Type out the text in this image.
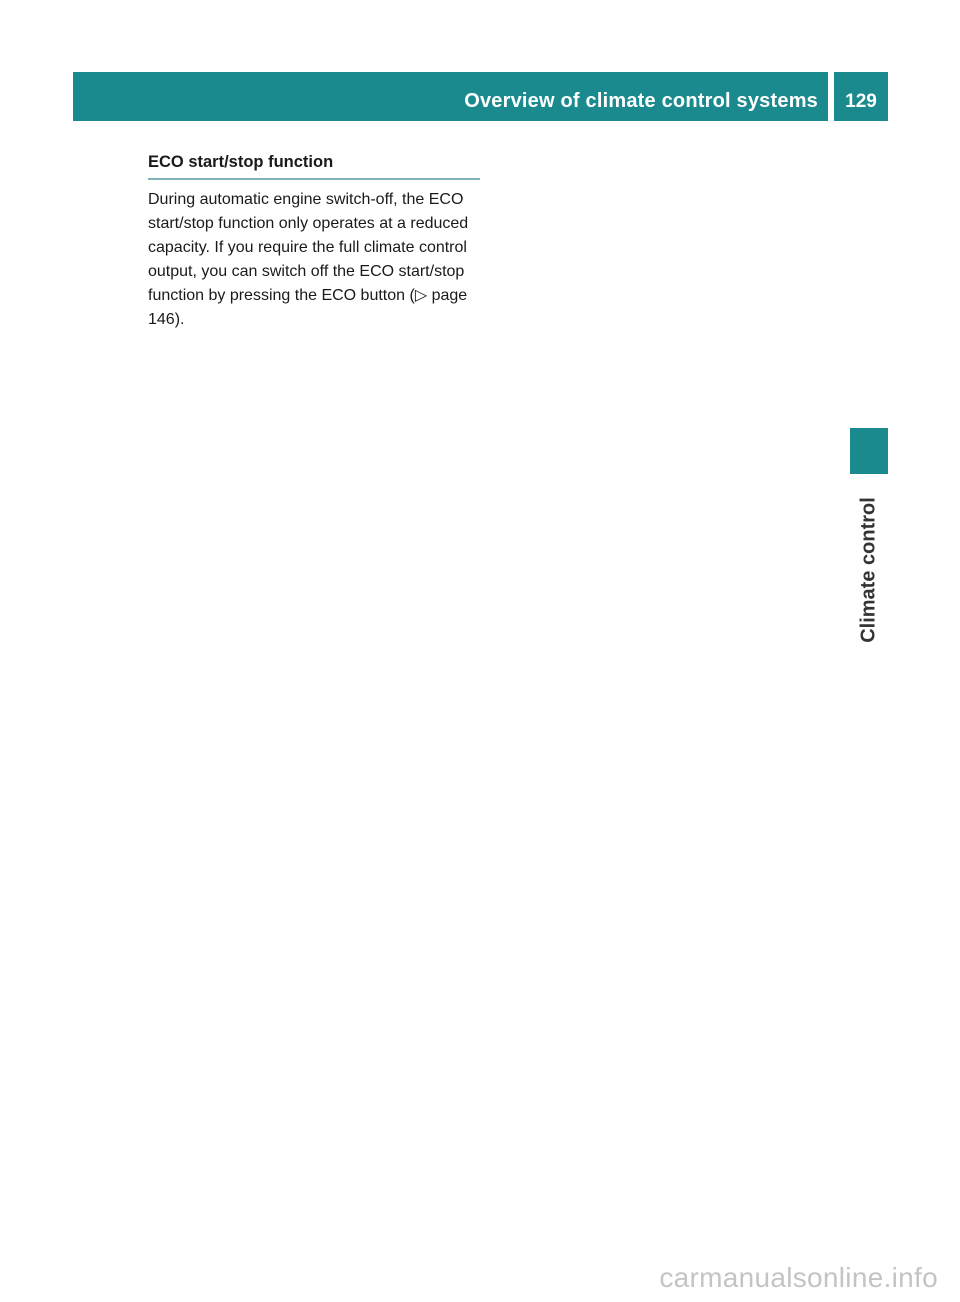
Overview of climate control systems	129
ECO start/stop function

During automatic engine switch-off, the ECO start/stop function only operates at a reduced capacity. If you require the full climate control output, you can switch off the ECO start/stop function by pressing the ECO button (▷ page 146).

Climate control
carmanualsonline.info
